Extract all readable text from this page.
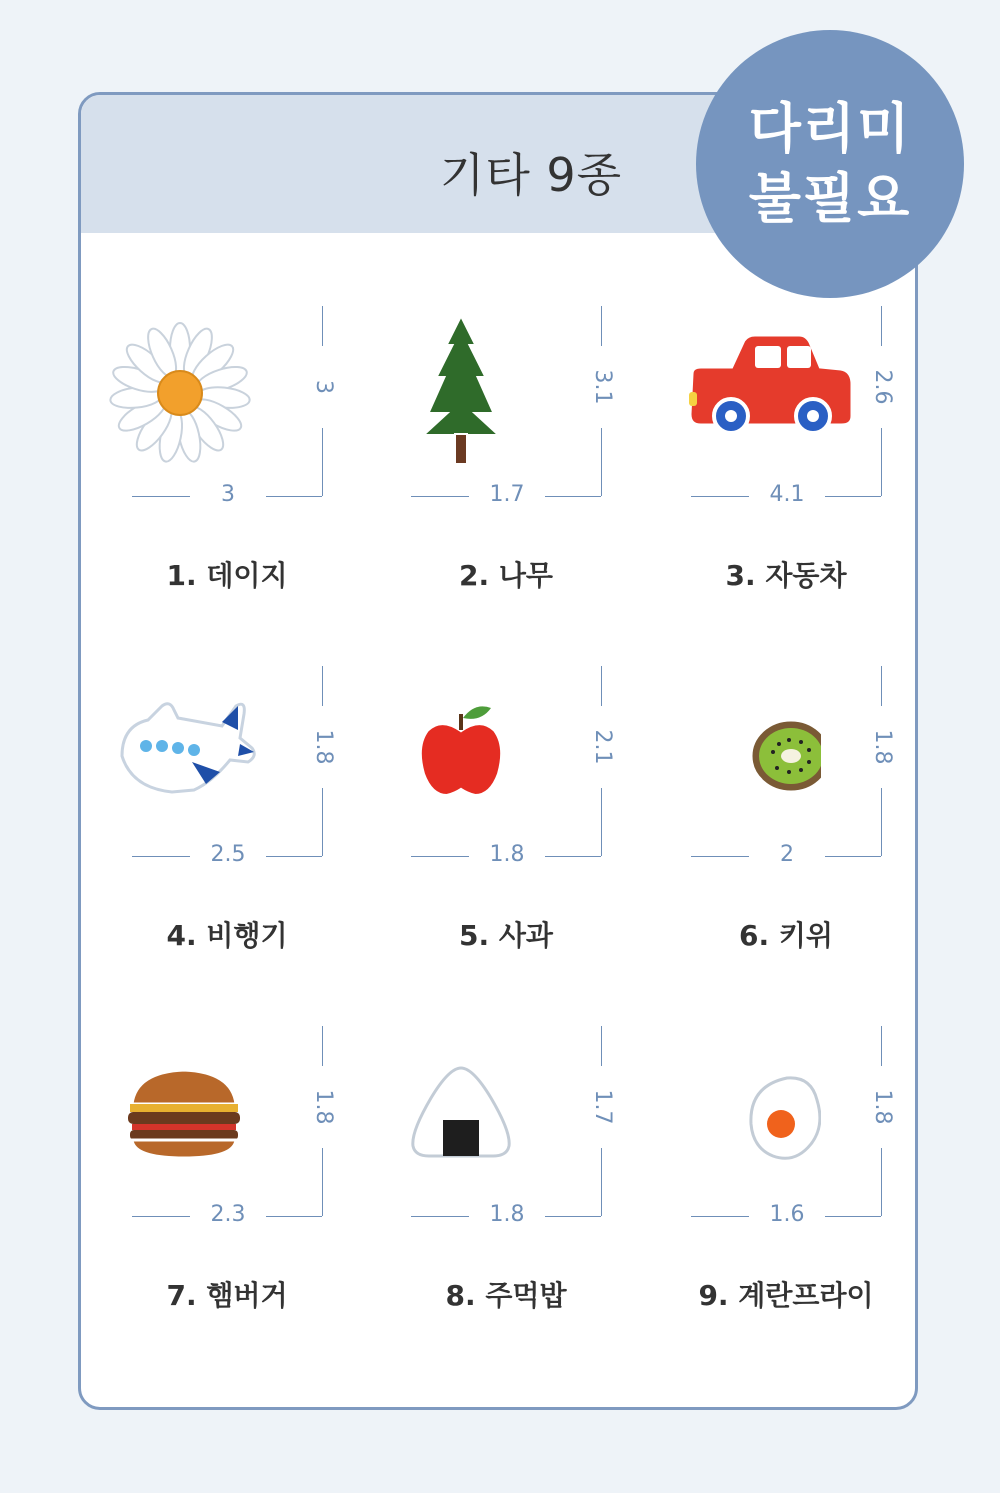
기타 9종
다리미
불필요
3
3
1. 데이지
3.1
1.7
2. 나무
2.6
4.1
3. 자동차
1.8
2.5
4. 비행기
2.1
1.8
5. 사과
1.8
2
6. 키위
1.8
2.3
7. 햄버거
1.7
1.8
8. 주먹밥
1.8
1.6
9. 계란프라이
